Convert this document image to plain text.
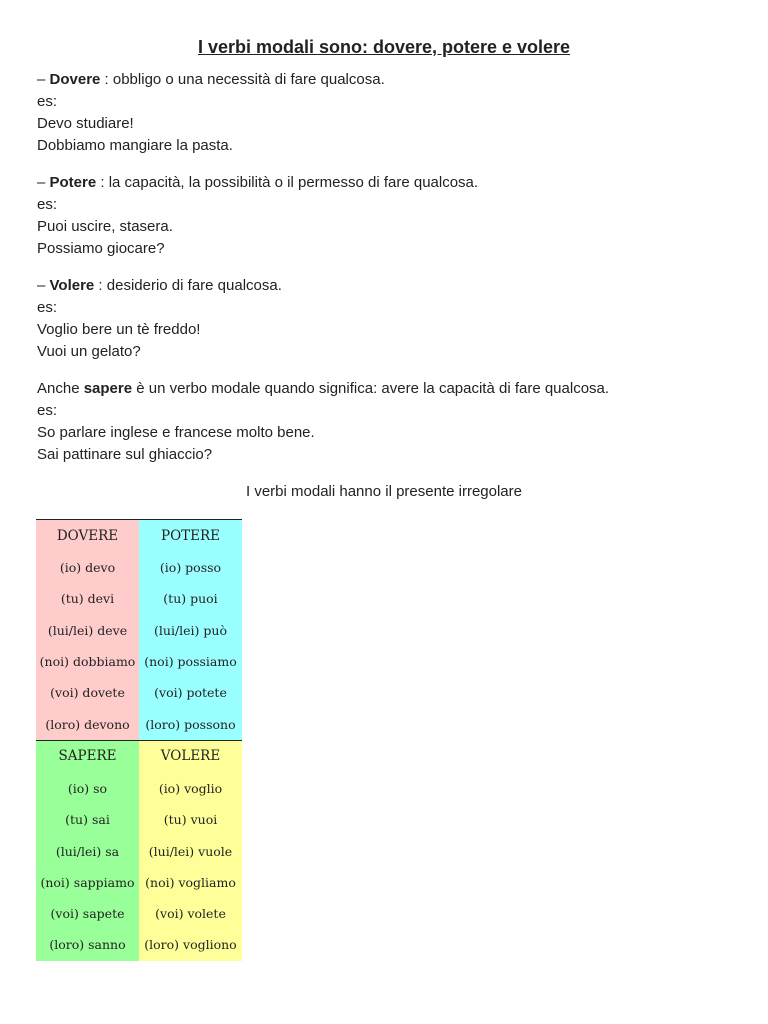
I verbi modali sono: dovere, potere e volere
– Dovere : obbligo o una necessità di fare qualcosa.
es:
Devo studiare!
Dobbiamo mangiare la pasta.
– Potere : la capacità, la possibilità o il permesso di fare qualcosa.
es:
Puoi uscire, stasera.
Possiamo giocare?
– Volere : desiderio di fare qualcosa.
es:
Voglio bere un tè freddo!
Vuoi un gelato?
Anche sapere è un verbo modale quando significa: avere la capacità di fare qualcosa.
es:
So parlare inglese e francese molto bene.
Sai pattinare sul ghiaccio?
I verbi modali hanno il presente irregolare
DOVERE	POTERE
(io) devo	(io) posso
(tu) devi	(tu) puoi
(lui/lei) deve	(lui/lei) può
(noi) dobbiamo	(noi) possiamo
(voi) dovete	(voi) potete
(loro) devono	(loro) possono
SAPERE	VOLERE
(io) so	(io) voglio
(tu) sai	(tu) vuoi
(lui/lei) sa	(lui/lei) vuole
(noi) sappiamo	(noi) vogliamo
(voi) sapete	(voi) volete
(loro) sanno	(loro) vogliono
